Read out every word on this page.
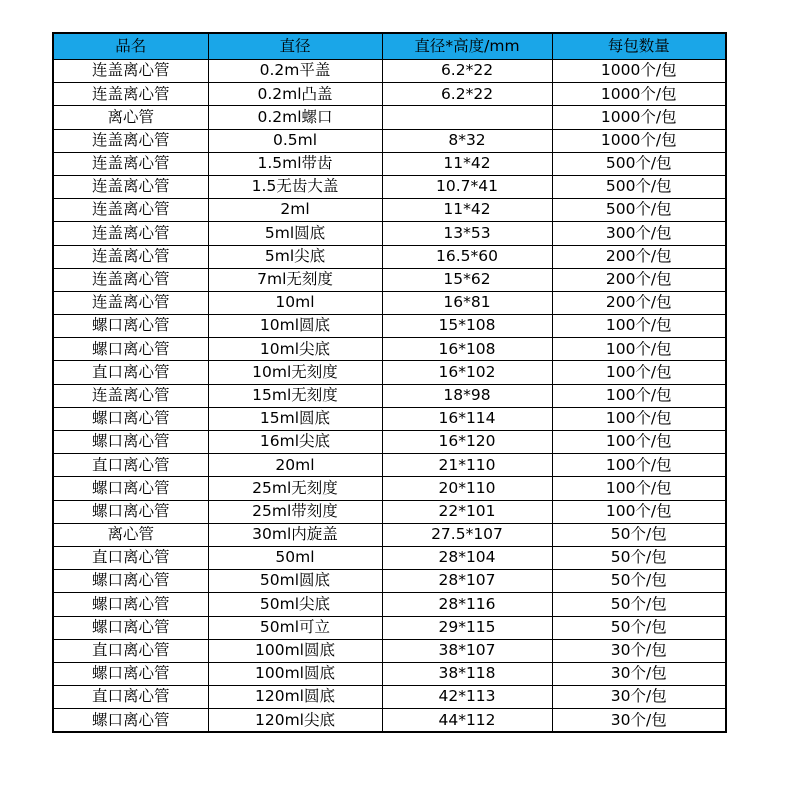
品名	直径	直径*高度/mm	每包数量
连盖离心管	0.2m平盖	6.2*22	1000个/包
连盖离心管	0.2ml凸盖	6.2*22	1000个/包
离心管	0.2ml螺口		1000个/包
连盖离心管	0.5ml	8*32	1000个/包
连盖离心管	1.5ml带齿	11*42	500个/包
连盖离心管	1.5无齿大盖	10.7*41	500个/包
连盖离心管	2ml	11*42	500个/包
连盖离心管	5ml圆底	13*53	300个/包
连盖离心管	5ml尖底	16.5*60	200个/包
连盖离心管	7ml无刻度	15*62	200个/包
连盖离心管	10ml	16*81	200个/包
螺口离心管	10ml圆底	15*108	100个/包
螺口离心管	10ml尖底	16*108	100个/包
直口离心管	10ml无刻度	16*102	100个/包
连盖离心管	15ml无刻度	18*98	100个/包
螺口离心管	15ml圆底	16*114	100个/包
螺口离心管	16ml尖底	16*120	100个/包
直口离心管	20ml	21*110	100个/包
螺口离心管	25ml无刻度	20*110	100个/包
螺口离心管	25ml带刻度	22*101	100个/包
离心管	30ml内旋盖	27.5*107	50个/包
直口离心管	50ml	28*104	50个/包
螺口离心管	50ml圆底	28*107	50个/包
螺口离心管	50ml尖底	28*116	50个/包
螺口离心管	50ml可立	29*115	50个/包
直口离心管	100ml圆底	38*107	30个/包
螺口离心管	100ml圆底	38*118	30个/包
直口离心管	120ml圆底	42*113	30个/包
螺口离心管	120ml尖底	44*112	30个/包
